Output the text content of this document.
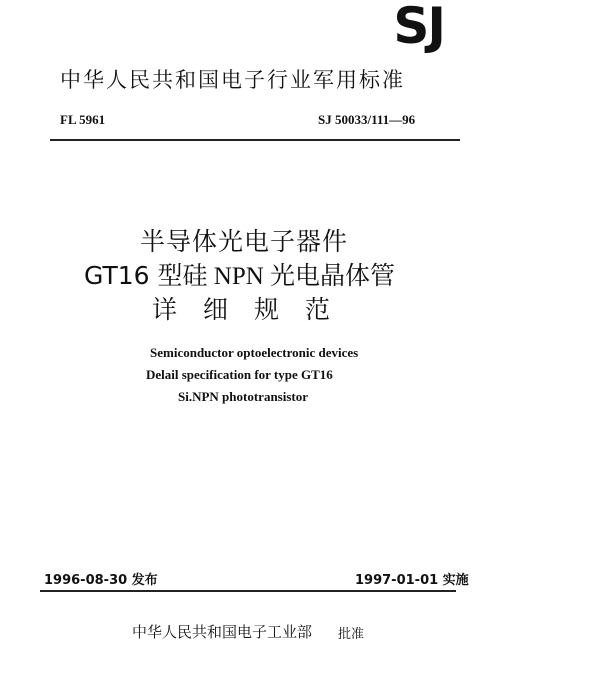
SJ
中华人民共和国电子行业军用标准
FL 5961	SJ 50033/111—96
半导体光电子器件
GT16 型硅 NPN 光电晶体管
详 细 规 范
Semiconductor optoelectronic devices
Delail specification for type GT16
Si.NPN phototransistor
1996-08-30 发布	1997-01-01 实施
中华人民共和国电子工业部 批准
